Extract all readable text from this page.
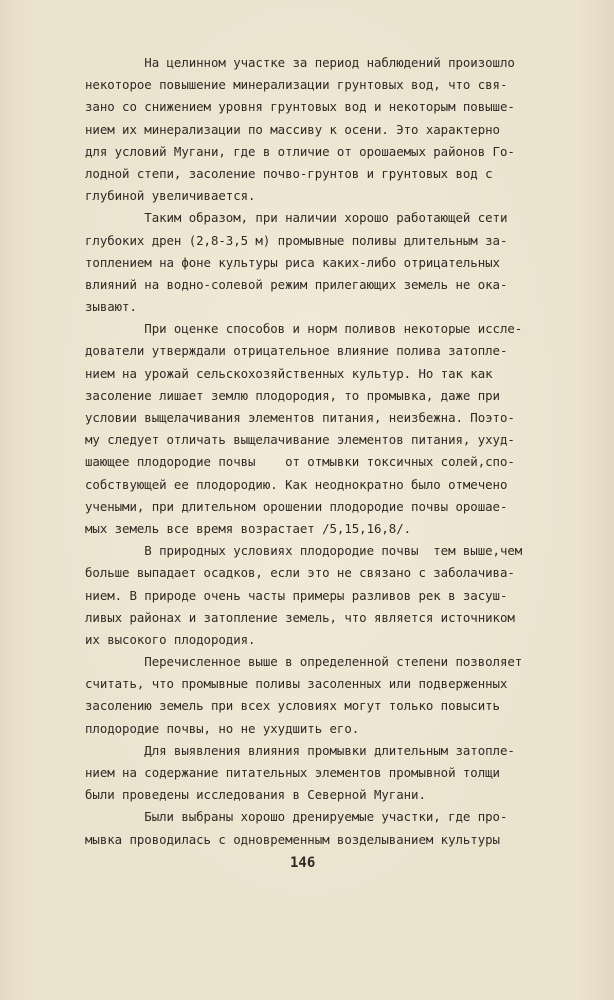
На целинном участке за период наблюдений произошло
некоторое повышение минерализации грунтовых вод, что свя-
зано со снижением уровня грунтовых вод и некоторым повыше-
нием их минерализации по массиву к осени. Это характерно
для условий Мугани, где в отличие от орошаемых районов Го-
лодной степи, засоление почво-грунтов и грунтовых вод с
глубиной увеличивается.
Таким образом, при наличии хорошо работающей сети
глубоких дрен (2,8-3,5 м) промывные поливы длительным за-
топлением на фоне культуры риса каких-либо отрицательных
влияний на водно-солевой режим прилегающих земель не ока-
зывают.
При оценке способов и норм поливов некоторые иссле-
дователи утверждали отрицательное влияние полива затопле-
нием на урожай сельскохозяйственных культур. Но так как
засоление лишает землю плодородия, то промывка, даже при
условии выщелачивания элементов питания, неизбежна. Поэто-
му следует отличать выщелачивание элементов питания, ухуд-
шающее плодородие почвы    от отмывки токсичных солей,спо-
собствующей ее плодородию. Как неоднократно было отмечено
учеными, при длительном орошении плодородие почвы орошае-
мых земель все время возрастает /5,15,16,8/.
В природных условиях плодородие почвы  тем выше,чем
больше выпадает осадков, если это не связано с заболачива-
нием. В природе очень часты примеры разливов рек в засуш-
ливых районах и затопление земель, что является источником
их высокого плодородия.
Перечисленное выше в определенной степени позволяет
считать, что промывные поливы засоленных или подверженных
засолению земель при всех условиях могут только повысить
плодородие почвы, но не ухудшить его.
Для выявления влияния промывки длительным затопле-
нием на содержание питательных элементов промывной толщи
были проведены исследования в Северной Мугани.
Были выбраны хорошо дренируемые участки, где про-
мывка проводилась с одновременным возделыванием культуры
146
